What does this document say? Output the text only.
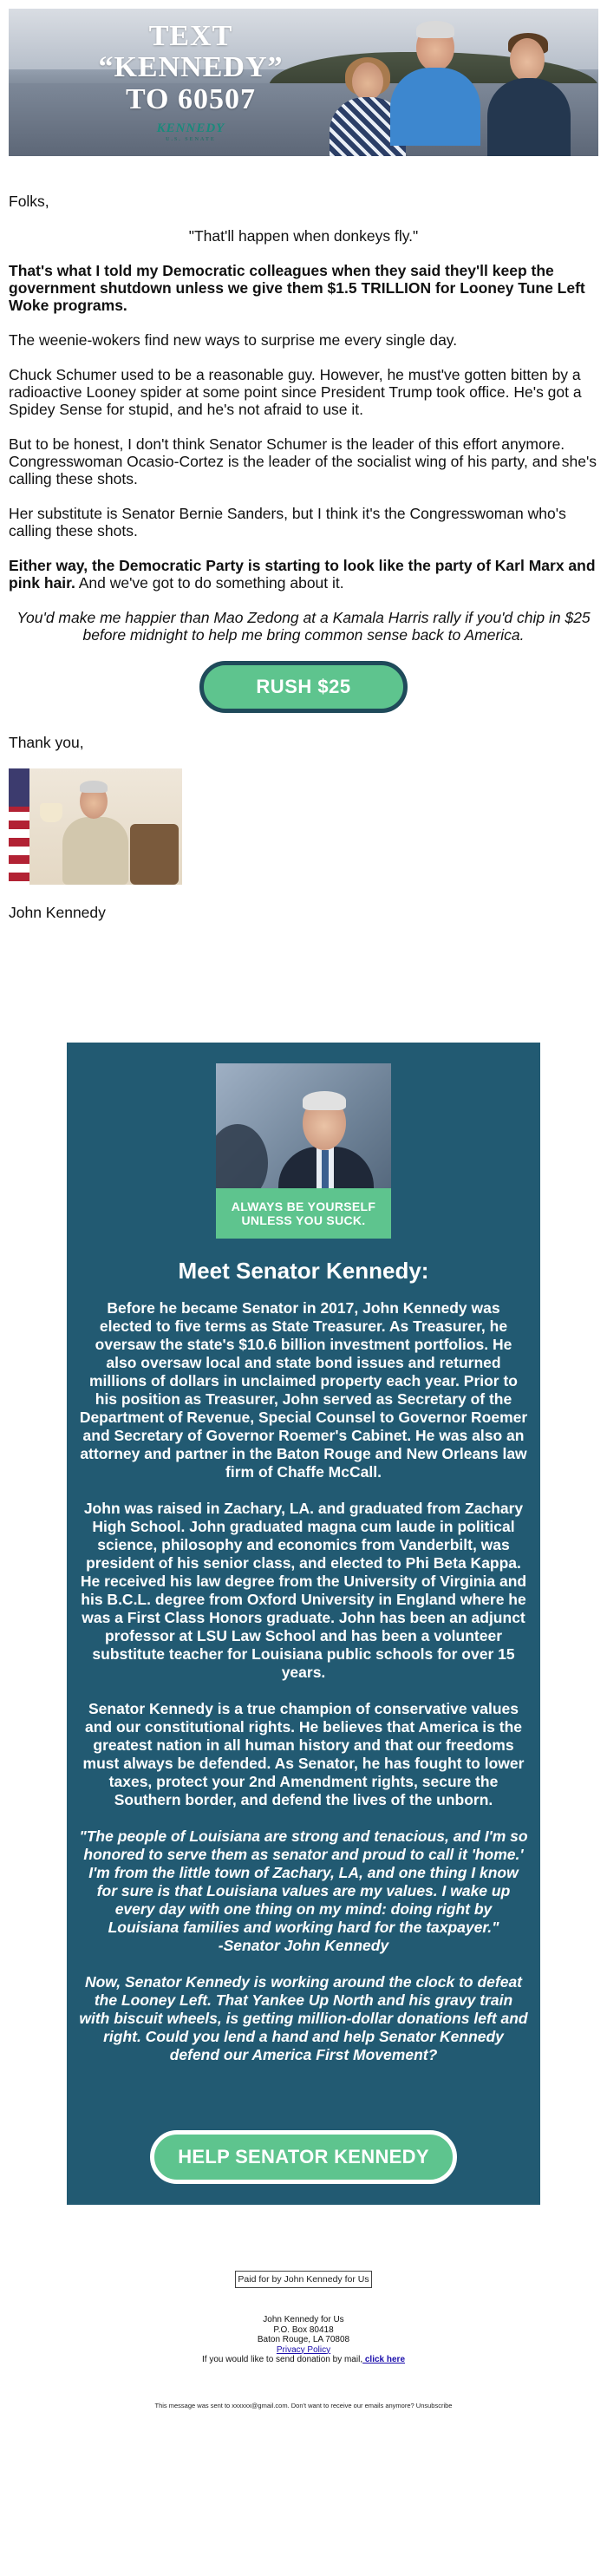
TEXT
“KENNEDY”
TO 60507
KENNEDY
U.S. SENATE

Folks,

"That'll happen when donkeys fly."

That's what I told my Democratic colleagues when they said they'll keep the government shutdown unless we give them $1.5 TRILLION for Looney Tune Left Woke programs.

The weenie-wokers find new ways to surprise me every single day.

Chuck Schumer used to be a reasonable guy. However, he must've gotten bitten by a radioactive Looney spider at some point since President Trump took office. He's got a Spidey Sense for stupid, and he's not afraid to use it.

But to be honest, I don't think Senator Schumer is the leader of this effort anymore. Congresswoman Ocasio-Cortez is the leader of the socialist wing of his party, and she's calling these shots.

Her substitute is Senator Bernie Sanders, but I think it's the Congresswoman who's calling these shots.

Either way, the Democratic Party is starting to look like the party of Karl Marx and pink hair. And we've got to do something about it.

You'd make me happier than Mao Zedong at a Kamala Harris rally if you'd chip in $25 before midnight to help me bring common sense back to America.

RUSH $25

Thank you,

John Kennedy

ALWAYS BE YOURSELF
UNLESS YOU SUCK.
Meet Senator Kennedy:

Before he became Senator in 2017, John Kennedy was elected to five terms as State Treasurer. As Treasurer, he oversaw the state's $10.6 billion investment portfolios. He also oversaw local and state bond issues and returned millions of dollars in unclaimed property each year. Prior to his position as Treasurer, John served as Secretary of the Department of Revenue, Special Counsel to Governor Roemer and Secretary of Governor Roemer's Cabinet. He was also an attorney and partner in the Baton Rouge and New Orleans law firm of Chaffe McCall.

John was raised in Zachary, LA. and graduated from Zachary High School. John graduated magna cum laude in political science, philosophy and economics from Vanderbilt, was president of his senior class, and elected to Phi Beta Kappa. He received his law degree from the University of Virginia and his B.C.L. degree from Oxford University in England where he was a First Class Honors graduate. John has been an adjunct professor at LSU Law School and has been a volunteer substitute teacher for Louisiana public schools for over 15 years.

Senator Kennedy is a true champion of conservative values and our constitutional rights. He believes that America is the greatest nation in all human history and that our freedoms must always be defended. As Senator, he has fought to lower taxes, protect your 2nd Amendment rights, secure the Southern border, and defend the lives of the unborn.

"The people of Louisiana are strong and tenacious, and I'm so honored to serve them as senator and proud to call it 'home.' I'm from the little town of Zachary, LA, and one thing I know for sure is that Louisiana values are my values. I wake up every day with one thing on my mind: doing right by Louisiana families and working hard for the taxpayer."
-Senator John Kennedy

Now, Senator Kennedy is working around the clock to defeat the Looney Left. That Yankee Up North and his gravy train with biscuit wheels, is getting million-dollar donations left and right. Could you lend a hand and help Senator Kennedy defend our America First Movement?

HELP SENATOR KENNEDY
Paid for by John Kennedy for Us
John Kennedy for Us
P.O. Box 80418
Baton Rouge, LA 70808
Privacy Policy
If you would like to send donation by mail, click here
This message was sent to xxxxxx@gmail.com. Don't want to receive our emails anymore? Unsubscribe
